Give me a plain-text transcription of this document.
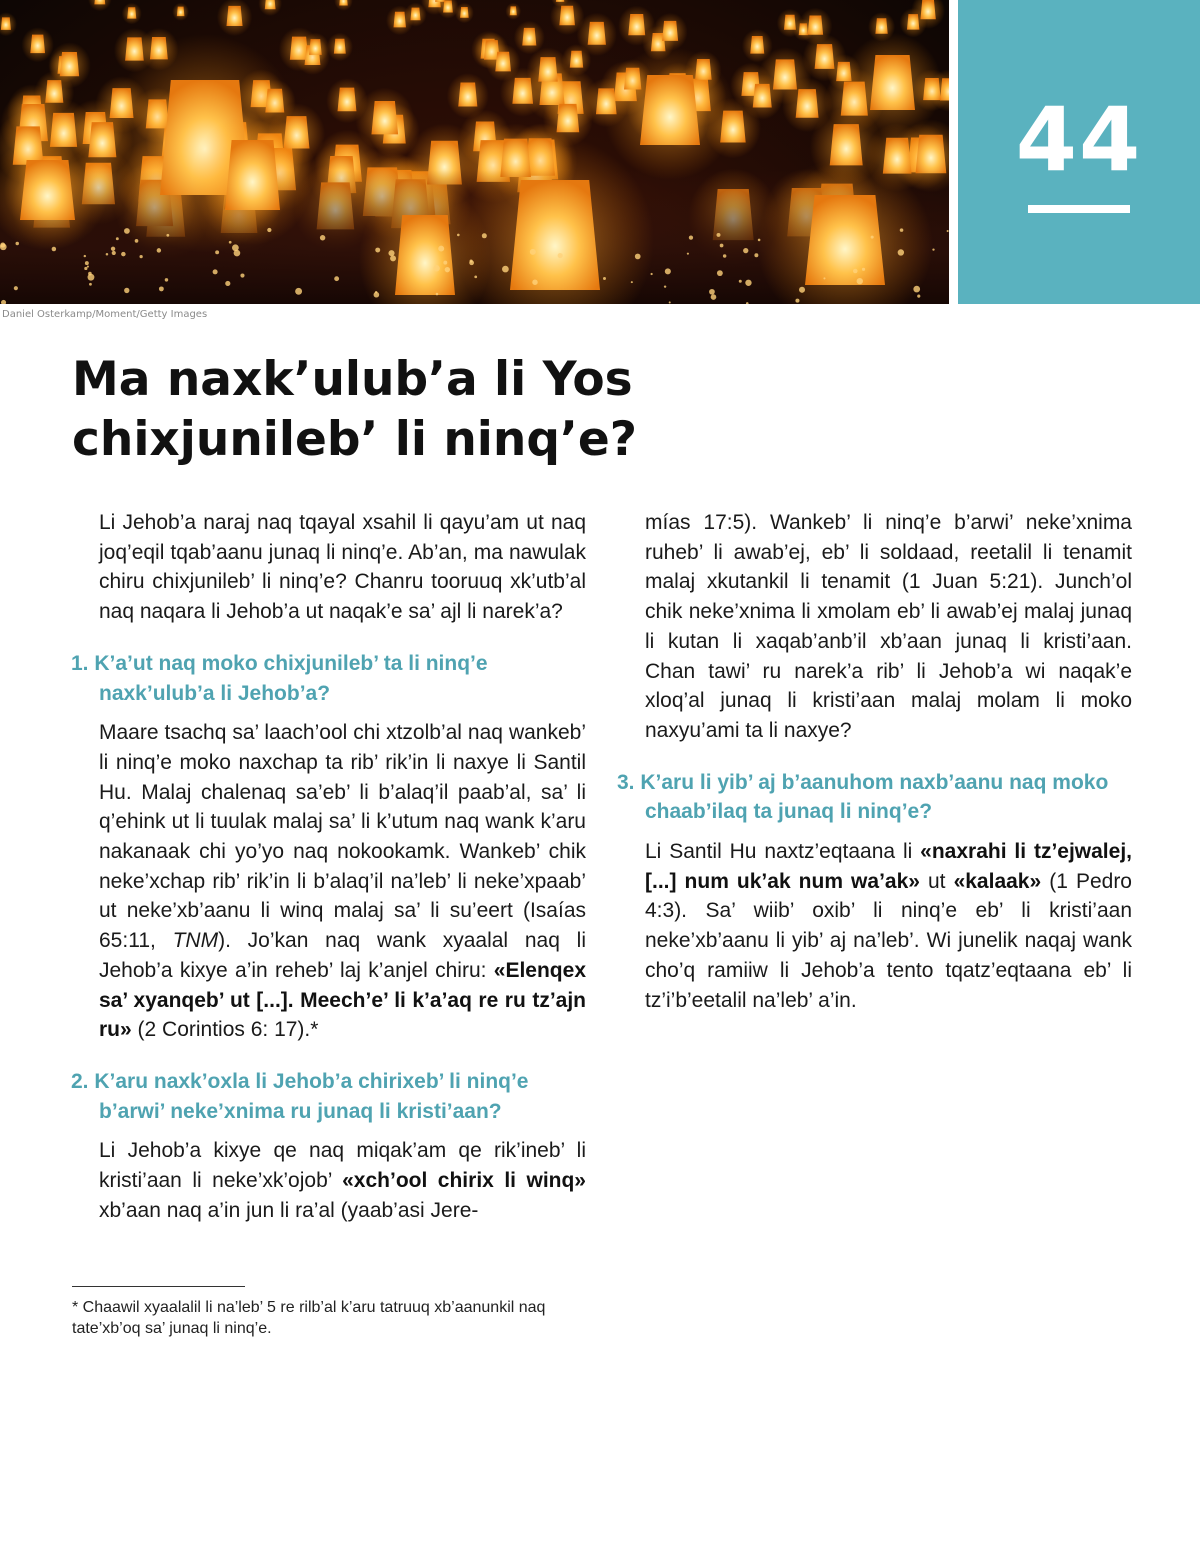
44
Daniel Osterkamp/Moment/Getty Images
Ma naxk’ulub’a li Yos
chixjunileb’ li ninq’e?

Li Jehob’a naraj naq tqayal xsahil li qayu’am ut naq joq’eqil tqab’aanu junaq li ninq’e. Ab’an, ma nawulak chiru chixjunileb’ li ninq’e? Chanru tooruuq xk’utb’al naq naqara li Jehob’a ut naqak’e sa’ ajl li narek’a?

1. K’a’ut naq moko chixjunileb’ ta li ninq’e naxk’ulub’a li Jehob’a?

Maare tsachq sa’ laach’ool chi xtzolb’al naq wankeb’ li ninq’e moko naxchap ta rib’ rik’in li naxye li Santil Hu. Malaj chalenaq sa’eb’ li b’alaq’il paab’al, sa’ li q’ehink ut li tuulak malaj sa’ li k’utum naq wank k’aru nakanaak chi yo’yo naq nokookamk. Wankeb’ chik neke’xchap rib’ rik’in li b’alaq’il na’leb’ li neke’xpaab’ ut neke’xb’aanu li winq malaj sa’ li su’eert (Isaías 65:11, TNM). Jo’kan naq wank xyaalal naq li Jehob’a kixye a’in reheb’ laj k’anjel chiru: «Elenqex sa’ xyanqeb’ ut [...]. Meech’e’ li k’a’aq re ru tz’ajn ru» (2 Corintios 6: 17).*

2. K’aru naxk’oxla li Jehob’a chirixeb’ li ninq’e b’arwi’ neke’xnima ru junaq li kristi’aan?

Li Jehob’a kixye qe naq miqak’am qe rik’ineb’ li kristi’aan li neke’xk’ojob’ «xch’ool chirix li winq» xb’aan naq a’in jun li ra’al (yaab’asi Jere-

mías 17:5). Wankeb’ li ninq’e b’arwi’ neke’xnima ruheb’ li awab’ej, eb’ li soldaad, reetalil li tenamit malaj xkutankil li tenamit (1 Juan 5:21). Junch’ol chik neke’xnima li xmolam eb’ li awab’ej malaj junaq li kutan li xaqab’anb’il xb’aan junaq li kristi’aan. Chan tawi’ ru narek’a rib’ li Jehob’a wi naqak’e xloq’al junaq li kristi’aan malaj molam li moko naxyu’ami ta li naxye?

3. K’aru li yib’ aj b’aanuhom naxb’aanu naq moko chaab’ilaq ta junaq li ninq’e?

Li Santil Hu naxtz’eqtaana li «naxrahi li tz’ejwalej, [...] num uk’ak num wa’ak» ut «kalaak» (1 Pedro 4:3). Sa’ wiib’ oxib’ li ninq’e eb’ li kristi’aan neke’xb’aanu li yib’ aj na’leb’. Wi junelik naqaj wank cho’q ramiiw li Jehob’a tento tqatz’eqtaana eb’ li tz’i’b’eetalil na’leb’ a’in.

* Chaawil xyaalalil li na’leb’ 5 re rilb’al k’aru tatruuq xb’aanunkil naq tate’xb’oq sa’ junaq li ninq’e.
